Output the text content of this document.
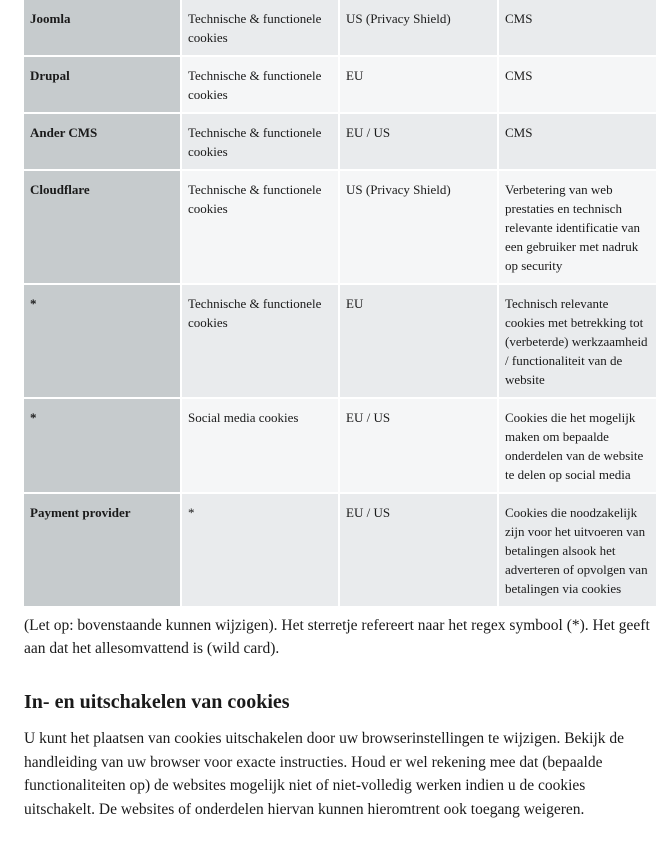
Joomla	Technische & functionele cookies	US (Privacy Shield)	CMS
Drupal	Technische & functionele cookies	EU	CMS
Ander CMS	Technische & functionele cookies	EU / US	CMS
Cloudflare	Technische & functionele cookies	US (Privacy Shield)	Verbetering van web prestaties en technisch relevante identificatie van een gebruiker met nadruk op security
*	Technische & functionele cookies	EU	Technisch relevante cookies met betrekking tot (verbeterde) werkzaamheid / functionaliteit van de website
*	Social media cookies	EU / US	Cookies die het mogelijk maken om bepaalde onderdelen van de website te delen op social media
Payment provider	*	EU / US	Cookies die noodzakelijk zijn voor het uitvoeren van betalingen alsook het adverteren of opvolgen van betalingen via cookies

(Let op: bovenstaande kunnen wijzigen). Het sterretje refereert naar het regex symbool (*). Het geeft aan dat het allesomvattend is (wild card).

In- en uitschakelen van cookies

U kunt het plaatsen van cookies uitschakelen door uw browserinstellingen te wijzigen. Bekijk de handleiding van uw browser voor exacte instructies. Houd er wel rekening mee dat (bepaalde functionaliteiten op) de websites mogelijk niet of niet-volledig werken indien u de cookies uitschakelt. De websites of onderdelen hiervan kunnen hieromtrent ook toegang weigeren.
